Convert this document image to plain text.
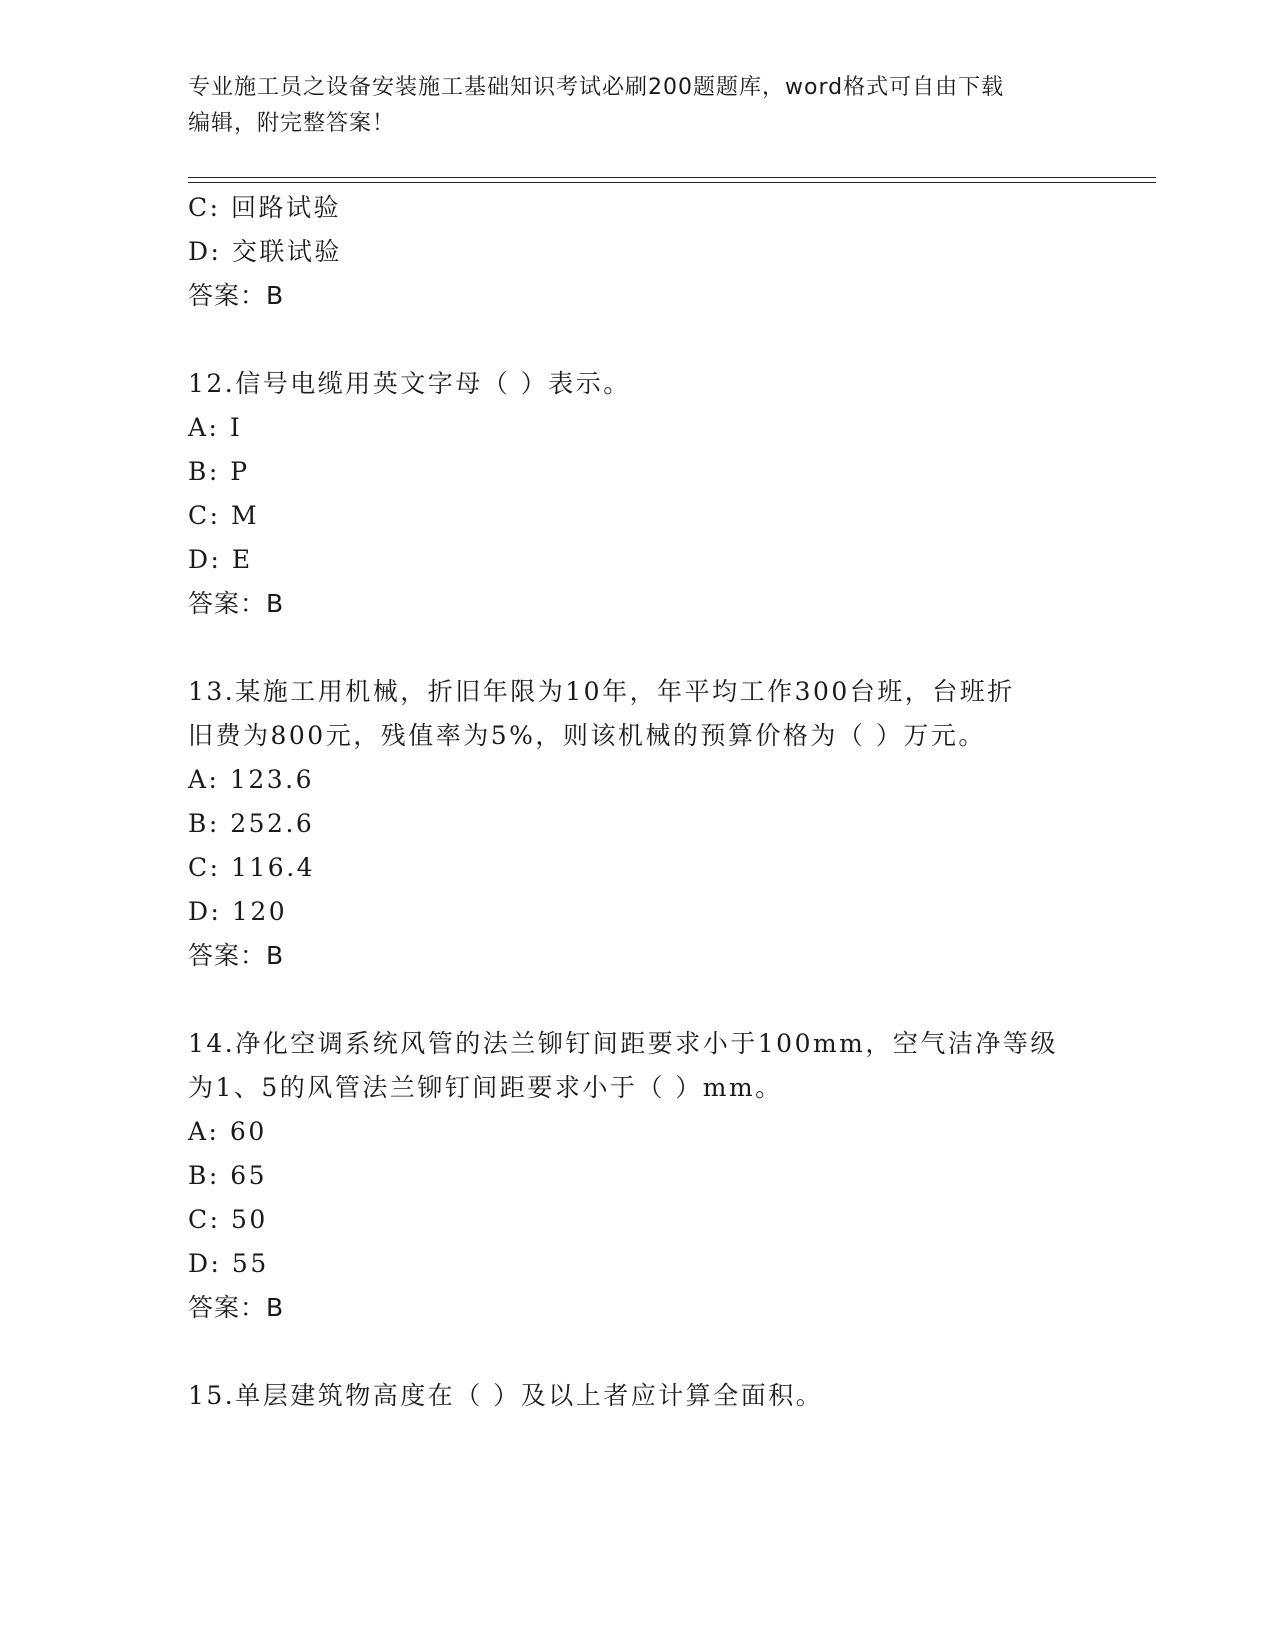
专业施工员之设备安装施工基础知识考试必刷200题题库，word格式可自由下载
编辑，附完整答案！
C: 回路试验
D: 交联试验
答案：B
12.信号电缆用英文字母（ ）表示。
A: I
B: P
C: M
D: E
答案：B
13.某施工用机械，折旧年限为10年，年平均工作300台班，台班折
旧费为800元，残值率为5%，则该机械的预算价格为（ ）万元。
A: 123.6
B: 252.6
C: 116.4
D: 120
答案：B
14.净化空调系统风管的法兰铆钉间距要求小于100mm，空气洁净等级
为1、5的风管法兰铆钉间距要求小于（ ）mm。
A: 60
B: 65
C: 50
D: 55
答案：B
15.单层建筑物高度在（ ）及以上者应计算全面积。
